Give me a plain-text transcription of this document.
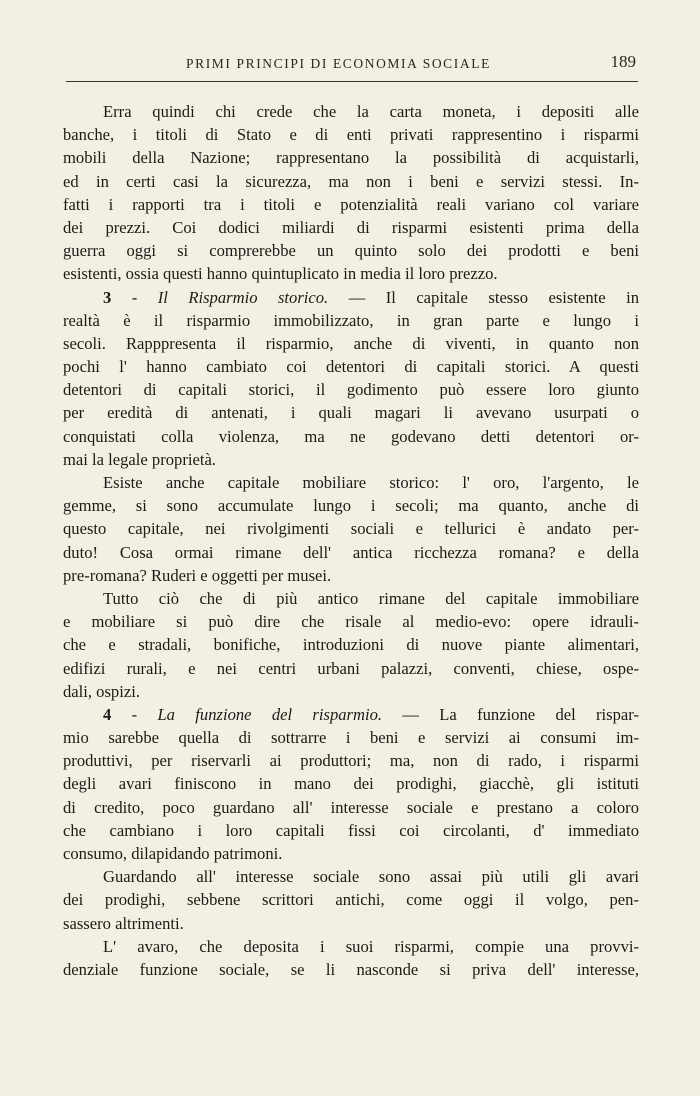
PRIMI PRINCIPI DI ECONOMIA SOCIALE	189
Erra quindi chi crede che la carta moneta, i depositi alle
banche, i titoli di Stato e di enti privati rappresentino i risparmi
mobili della Nazione; rappresentano la possibilità di acquistarli,
ed in certi casi la sicurezza, ma non i beni e servizi stessi. In-
fatti i rapporti tra i titoli e potenzialità reali variano col variare
dei prezzi. Coi dodici miliardi di risparmi esistenti prima della
guerra oggi si comprerebbe un quinto solo dei prodotti e beni
esistenti, ossia questi hanno quintuplicato in media il loro prezzo.
3 - Il Risparmio storico. — Il capitale stesso esistente in
realtà è il risparmio immobilizzato, in gran parte e lungo i
secoli. Rapppresenta il risparmio, anche di viventi, in quanto non
pochi l' hanno cambiato coi detentori di capitali storici. A questi
detentori di capitali storici, il godimento può essere loro giunto
per eredità di antenati, i quali magari li avevano usurpati o
conquistati colla violenza, ma ne godevano detti detentori or-
mai la legale proprietà.
Esiste anche capitale mobiliare storico: l' oro, l'argento, le
gemme, si sono accumulate lungo i secoli; ma quanto, anche di
questo capitale, nei rivolgimenti sociali e tellurici è andato per-
duto! Cosa ormai rimane dell' antica ricchezza romana? e della
pre-romana? Ruderi e oggetti per musei.
Tutto ciò che di più antico rimane del capitale immobiliare
e mobiliare si può dire che risale al medio-evo: opere idrauli-
che e stradali, bonifiche, introduzioni di nuove piante alimentari,
edifizi rurali, e nei centri urbani palazzi, conventi, chiese, ospe-
dali, ospizi.
4 - La funzione del risparmio. — La funzione del rispar-
mio sarebbe quella di sottrarre i beni e servizi ai consumi im-
produttivi, per riservarli ai produttori; ma, non di rado, i risparmi
degli avari finiscono in mano dei prodighi, giacchè, gli istituti
di credito, poco guardano all' interesse sociale e prestano a coloro
che cambiano i loro capitali fissi coi circolanti, d' immediato
consumo, dilapidando patrimoni.
Guardando all' interesse sociale sono assai più utili gli avari
dei prodighi, sebbene scrittori antichi, come oggi il volgo, pen-
sassero altrimenti.
L' avaro, che deposita i suoi risparmi, compie una provvi-
denziale funzione sociale, se li nasconde si priva dell' interesse,
